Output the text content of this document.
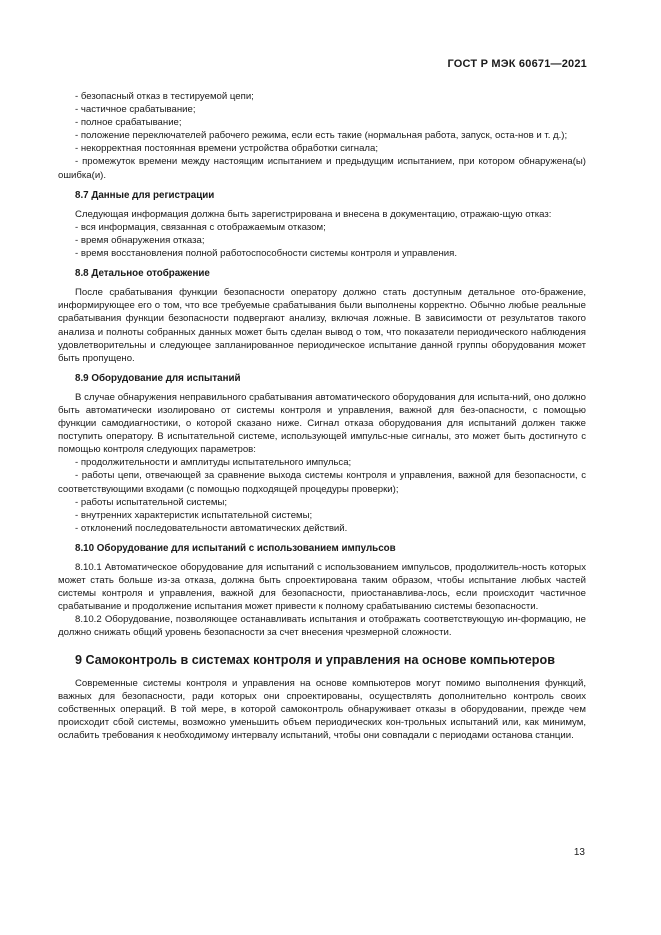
ГОСТ Р МЭК 60671—2021

- безопасный отказ в тестируемой цепи;

- частичное срабатывание;

- полное срабатывание;

- положение переключателей рабочего режима, если есть такие (нормальная работа, запуск, оста-нов и т. д.);

- некорректная постоянная времени устройства обработки сигнала;

- промежуток времени между настоящим испытанием и предыдущим испытанием, при котором обнаружена(ы) ошибка(и).

8.7 Данные для регистрации

Следующая информация должна быть зарегистрирована и внесена в документацию, отражаю-щую отказ:

- вся информация, связанная с отображаемым отказом;

- время обнаружения отказа;

- время восстановления полной работоспособности системы контроля и управления.

8.8 Детальное отображение

После срабатывания функции безопасности оператору должно стать доступным детальное ото-бражение, информирующее его о том, что все требуемые срабатывания были выполнены корректно. Обычно любые реальные срабатывания функции безопасности подвергают анализу, включая ложные. В зависимости от результатов такого анализа и полноты собранных данных может быть сделан вывод о том, что показатели периодического наблюдения удовлетворительны и следующее запланированное периодическое испытание данной группы оборудования может быть пропущено.

8.9 Оборудование для испытаний

В случае обнаружения неправильного срабатывания автоматического оборудования для испыта-ний, оно должно быть автоматически изолировано от системы контроля и управления, важной для без-опасности, с помощью функции самодиагностики, о которой сказано ниже. Сигнал отказа оборудования для испытаний должен также поступить оператору. В испытательной системе, использующей импульс-ные сигналы, это может быть достигнуто с помощью контроля следующих параметров:

- продолжительности и амплитуды испытательного импульса;

- работы цепи, отвечающей за сравнение выхода системы контроля и управления, важной для безопасности, с соответствующими входами (с помощью подходящей процедуры проверки);

- работы испытательной системы;

- внутренних характеристик испытательной системы;

- отклонений последовательности автоматических действий.

8.10 Оборудование для испытаний с использованием импульсов

8.10.1 Автоматическое оборудование для испытаний с использованием импульсов, продолжитель-ность которых может стать больше из-за отказа, должна быть спроектирована таким образом, чтобы испытание любых частей системы контроля и управления, важной для безопасности, приостанавлива-лось, если происходит частичное срабатывание и продолжение испытания может привести к полному срабатыванию системы безопасности.

8.10.2 Оборудование, позволяющее останавливать испытания и отображать соответствующую ин-формацию, не должно снижать общий уровень безопасности за счет внесения чрезмерной сложности.

9 Самоконтроль в системах контроля и управления на основе компьютеров

Современные системы контроля и управления на основе компьютеров могут помимо выполнения функций, важных для безопасности, ради которых они спроектированы, осуществлять дополнительно контроль своих собственных операций. В той мере, в которой самоконтроль обнаруживает отказы в оборудовании, прежде чем происходит сбой системы, возможно уменьшить объем периодических кон-трольных испытаний или, как минимум, ослабить требования к необходимому интервалу испытаний, чтобы они совпадали с периодами останова станции.

13
